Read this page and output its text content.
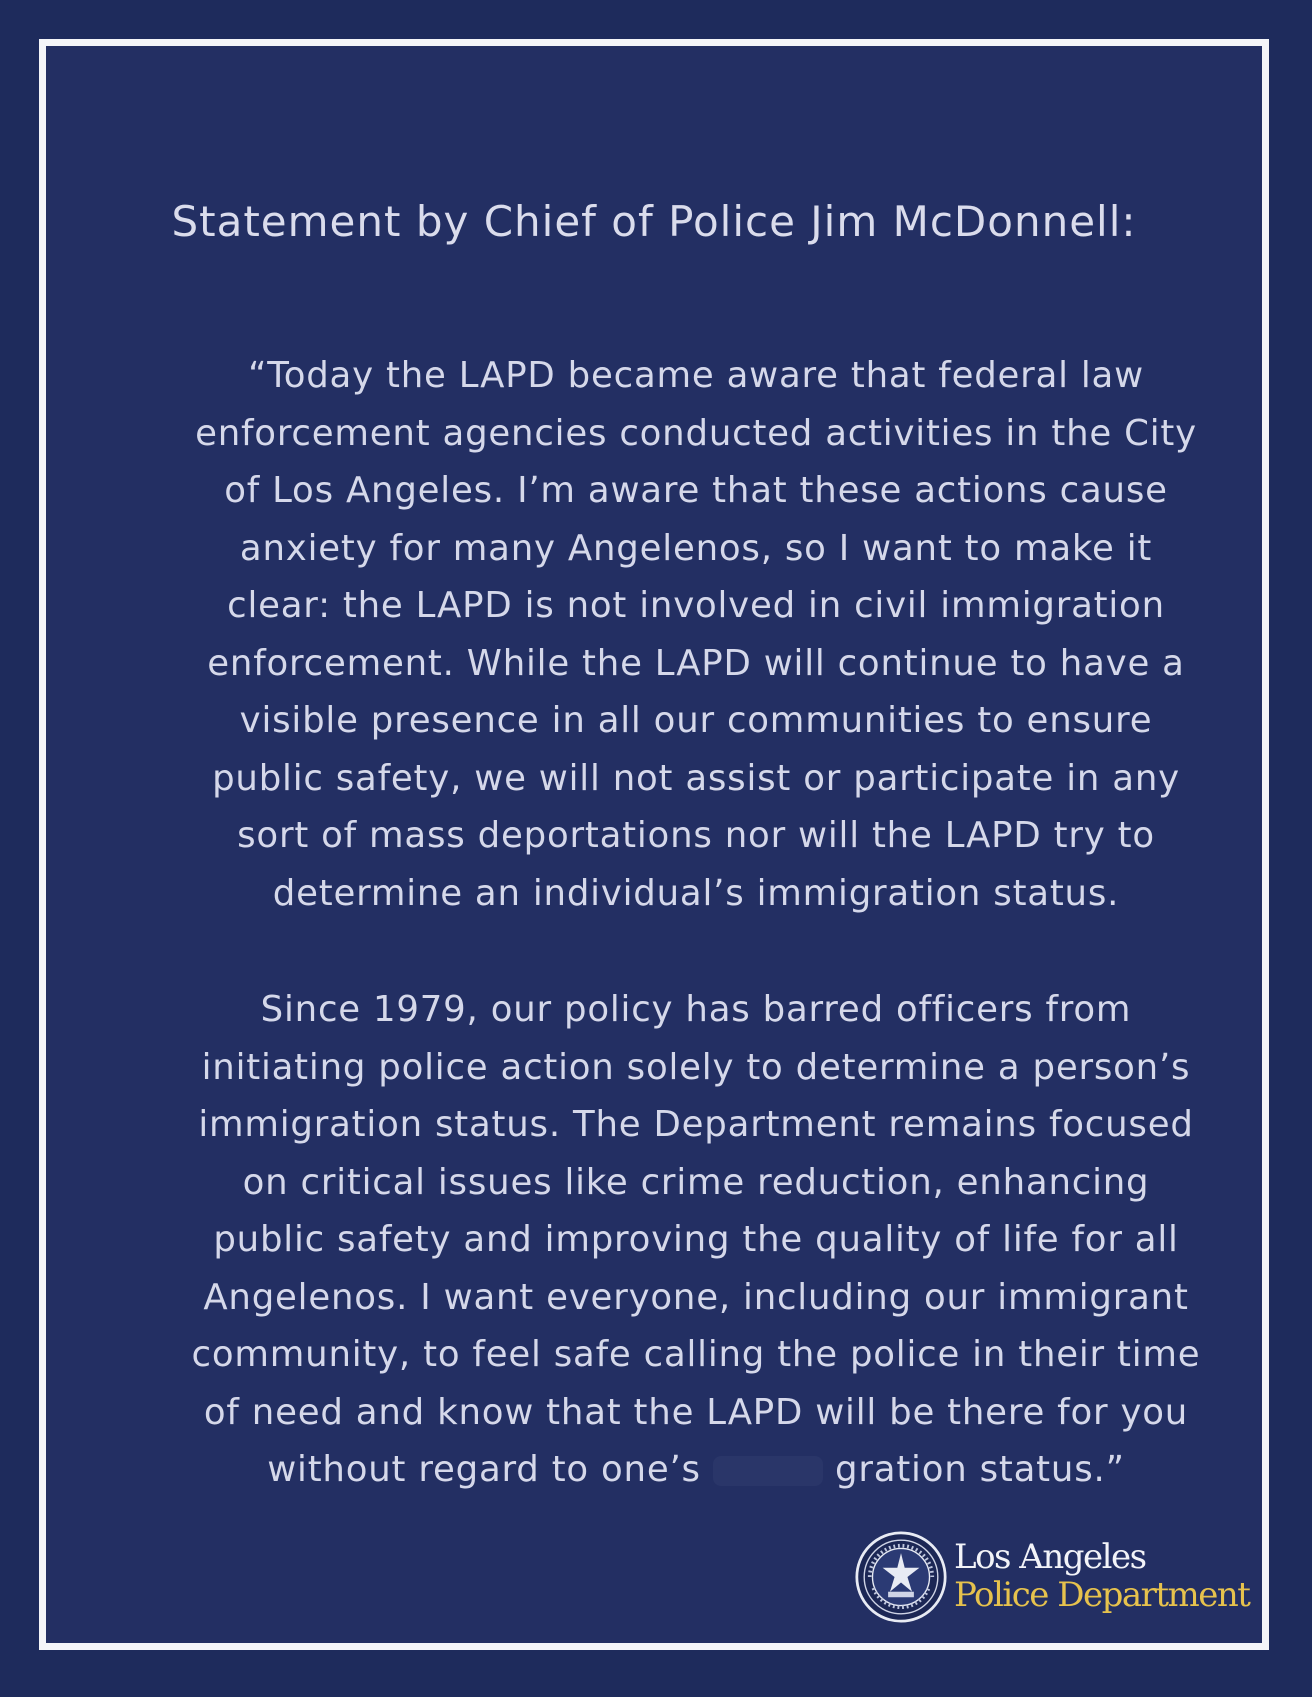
Statement by Chief of Police Jim McDonnell:
“Today the LAPD became aware that federal law
enforcement agencies conducted activities in the City
of Los Angeles. I’m aware that these actions cause
anxiety for many Angelenos, so I want to make it
clear: the LAPD is not involved in civil immigration
enforcement. While the LAPD will continue to have a
visible presence in all our communities to ensure
public safety, we will not assist or participate in any
sort of mass deportations nor will the LAPD try to
determine an individual’s immigration status.
Since 1979, our policy has barred officers from
initiating police action solely to determine a person’s
immigration status. The Department remains focused
on critical issues like crime reduction, enhancing
public safety and improving the quality of life for all
Angelenos. I want everyone, including our immigrant
community, to feel safe calling the police in their time
of need and know that the LAPD will be there for you
without regard to one’s	gration status.”
Los Angeles
Police Department
